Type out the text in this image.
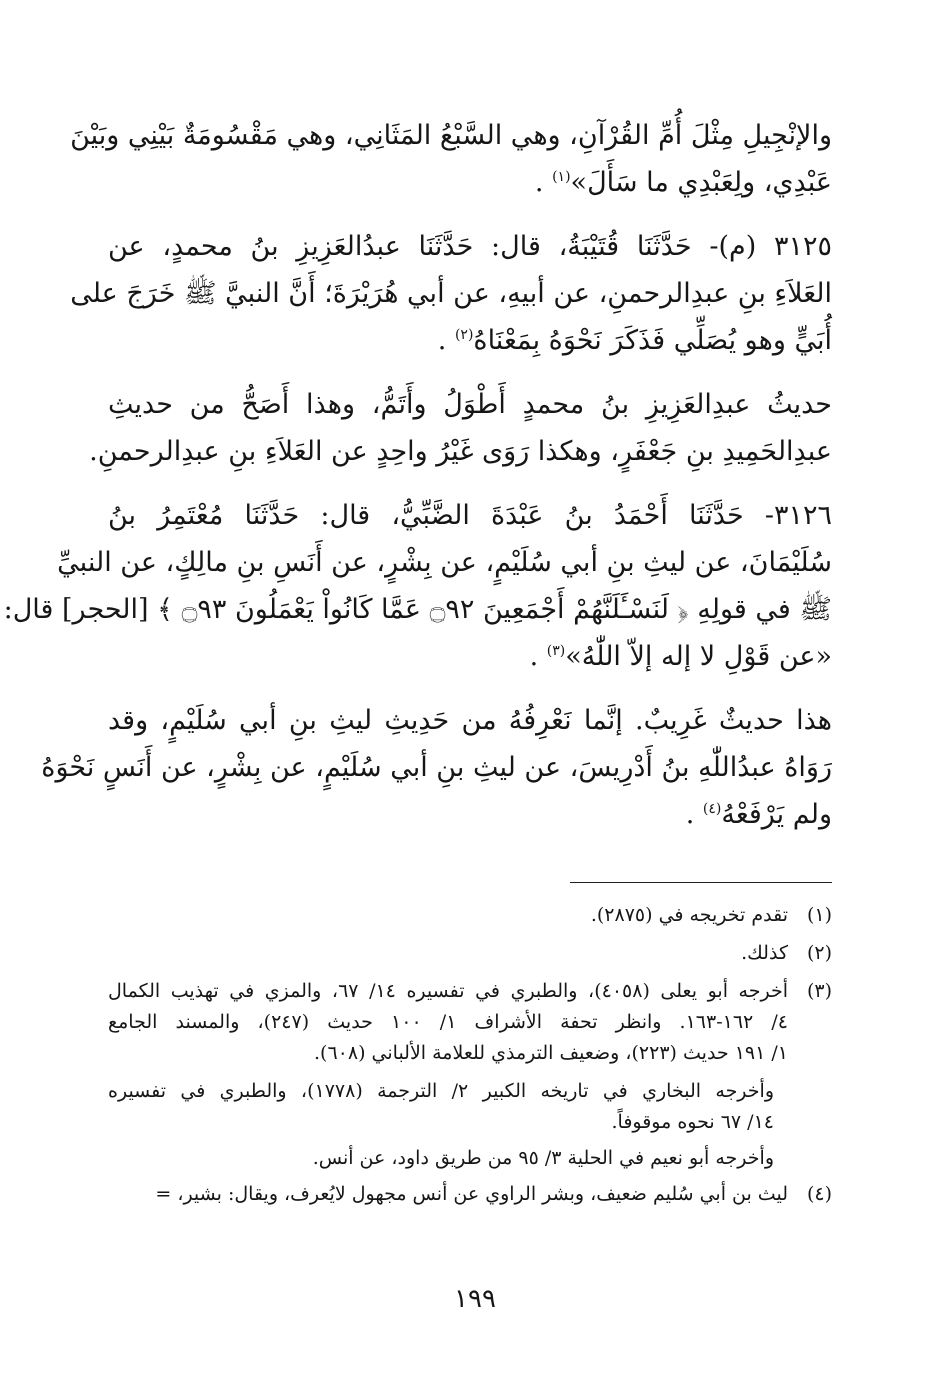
والإنْجِيلِ مِثْلَ أُمِّ القُرْآنِ، وهي السَّبْعُ المَثَانِي، وهي مَقْسُومَةٌ بَيْنِي وبَيْنَ
عَبْدِي، ولِعَبْدِي ما سَأَلَ»$^{(١)}$ .

٣١٢٥ (م)- حَدَّثَنَا قُتَيْبَةُ، قال: حَدَّثَنَا عبدُالعَزِيزِ بنُ محمدٍ، عن
العَلاَءِ بنِ عبدِالرحمنِ، عن أبيهِ، عن أبي هُرَيْرَةَ؛ أَنَّ النبيَّ ﷺ خَرَجَ على
أُبَيٍّ وهو يُصَلِّي فَذَكَرَ نَحْوَهُ بِمَعْنَاهُ$^{(٢)}$ .

حديثُ عبدِالعَزِيزِ بنُ محمدٍ أَطْوَلُ وأَتَمُّ، وهذا أَصَحُّ من حديثِ
عبدِالحَمِيدِ بنِ جَعْفَرٍ، وهكذا رَوَى غَيْرُ واحِدٍ عن العَلاَءِ بنِ عبدِالرحمنِ.

٣١٢٦- حَدَّثَنَا أَحْمَدُ بنُ عَبْدَةَ الضَّبِّيُّ، قال: حَدَّثَنَا مُعْتَمِرُ بنُ
سُلَيْمَانَ، عن ليثِ بنِ أبي سُلَيْمٍ، عن بِشْرٍ، عن أَنَسِ بنِ مالِكٍ، عن النبيِّ
ﷺ في قولِهِ ﴿ لَنَسْـَٔلَنَّهُمْ أَجْمَعِينَ ۝٩٢ عَمَّا كَانُواْ يَعْمَلُونَ ۝٩٣ ﴾ [الحجر] قال:
«عن قَوْلِ لا إله إلاّ اللّٰهُ»$^{(٣)}$ .

هذا حديثٌ غَرِيبٌ. إنَّما نَعْرِفُهُ من حَدِيثِ ليثِ بنِ أبي سُلَيْمٍ، وقد
رَوَاهُ عبدُاللّٰهِ بنُ أَدْرِيسَ، عن ليثِ بنِ أبي سُلَيْمٍ، عن بِشْرٍ، عن أَنَسٍ نَحْوَهُ
ولم يَرْفَعْهُ$^{(٤)}$ .

(١)
تقدم تخريجه في (٢٨٧٥).
(٢)
كذلك.
(٣)
أخرجه أبو يعلى (٤٠٥٨)، والطبري في تفسيره ١٤/ ٦٧، والمزي في تهذيب الكمال
٤/ ١٦٢-١٦٣. وانظر تحفة الأشراف ١/ ١٠٠ حديث (٢٤٧)، والمسند الجامع
١/ ١٩١ حديث (٢٢٣)، وضعيف الترمذي للعلامة الألباني (٦٠٨).
وأخرجه البخاري في تاريخه الكبير ٢/ الترجمة (١٧٧٨)، والطبري في تفسيره
١٤/ ٦٧ نحوه موقوفاً.
وأخرجه أبو نعيم في الحلية ٣/ ٩٥ من طريق داود، عن أنس.
(٤)
ليث بن أبي سُليم ضعيف، وبشر الراوي عن أنس مجهول لايُعرف، ويقال: بشير، =
١٩٩
